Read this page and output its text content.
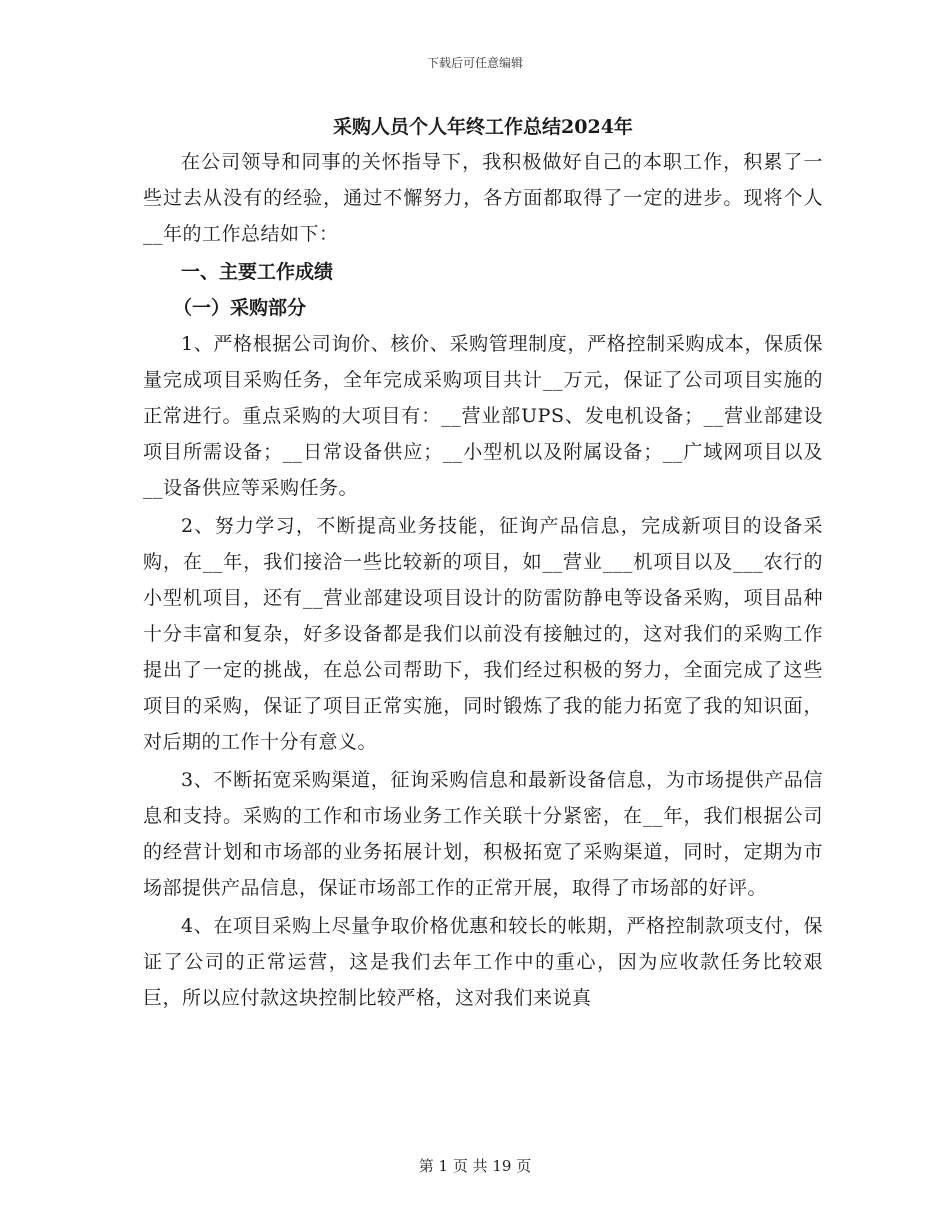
下载后可任意编辑
采购人员个人年终工作总结2024年

在公司领导和同事的关怀指导下，我积极做好自己的本职工作，积累了一些过去从没有的经验，通过不懈努力，各方面都取得了一定的进步。现将个人__年的工作总结如下：

一、主要工作成绩

（一）采购部分

1、严格根据公司询价、核价、采购管理制度，严格控制采购成本，保质保量完成项目采购任务，全年完成采购项目共计__万元，保证了公司项目实施的正常进行。重点采购的大项目有：__营业部UPS、发电机设备；__营业部建设项目所需设备；__日常设备供应；__小型机以及附属设备；__广域网项目以及__设备供应等采购任务。

2、努力学习，不断提高业务技能，征询产品信息，完成新项目的设备采购，在__年，我们接洽一些比较新的项目，如__营业___机项目以及___农行的小型机项目，还有__营业部建设项目设计的防雷防静电等设备采购，项目品种十分丰富和复杂，好多设备都是我们以前没有接触过的，这对我们的采购工作提出了一定的挑战，在总公司帮助下，我们经过积极的努力，全面完成了这些项目的采购，保证了项目正常实施，同时锻炼了我的能力拓宽了我的知识面，对后期的工作十分有意义。

3、不断拓宽采购渠道，征询采购信息和最新设备信息，为市场提供产品信息和支持。采购的工作和市场业务工作关联十分紧密，在__年，我们根据公司的经营计划和市场部的业务拓展计划，积极拓宽了采购渠道，同时，定期为市场部提供产品信息，保证市场部工作的正常开展，取得了市场部的好评。

4、在项目采购上尽量争取价格优惠和较长的帐期，严格控制款项支付，保证了公司的正常运营，这是我们去年工作中的重心，因为应收款任务比较艰巨，所以应付款这块控制比较严格，这对我们来说真

第 1 页 共 19 页
